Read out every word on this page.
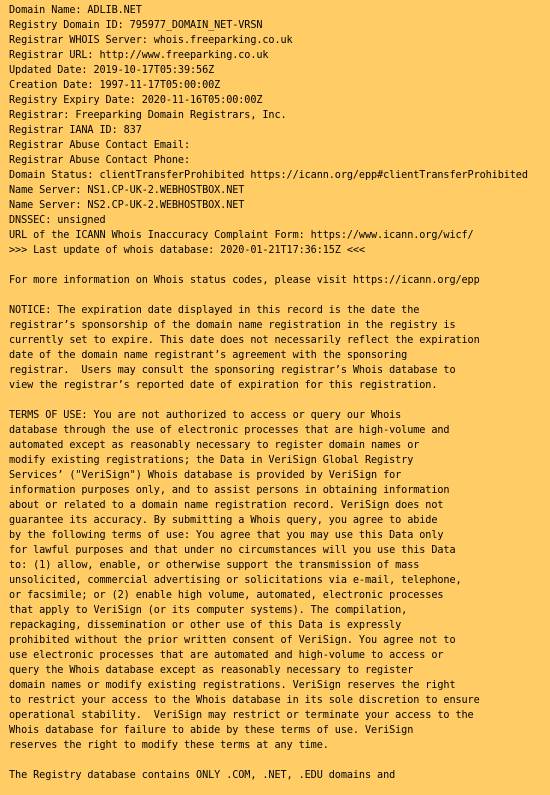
Domain Name: ADLIB.NET
Registry Domain ID: 795977_DOMAIN_NET-VRSN
Registrar WHOIS Server: whois.freeparking.co.uk
Registrar URL: http://www.freeparking.co.uk
Updated Date: 2019-10-17T05:39:56Z
Creation Date: 1997-11-17T05:00:00Z
Registry Expiry Date: 2020-11-16T05:00:00Z
Registrar: Freeparking Domain Registrars, Inc.
Registrar IANA ID: 837
Registrar Abuse Contact Email:
Registrar Abuse Contact Phone:
Domain Status: clientTransferProhibited https://icann.org/epp#clientTransferProhibited
Name Server: NS1.CP-UK-2.WEBHOSTBOX.NET
Name Server: NS2.CP-UK-2.WEBHOSTBOX.NET
DNSSEC: unsigned
URL of the ICANN Whois Inaccuracy Complaint Form: https://www.icann.org/wicf/
>>> Last update of whois database: 2020-01-21T17:36:15Z <<<
For more information on Whois status codes, please visit https://icann.org/epp
NOTICE: The expiration date displayed in this record is the date the
registrar’s sponsorship of the domain name registration in the registry is
currently set to expire. This date does not necessarily reflect the expiration
date of the domain name registrant’s agreement with the sponsoring
registrar.  Users may consult the sponsoring registrar’s Whois database to
view the registrar’s reported date of expiration for this registration.
TERMS OF USE: You are not authorized to access or query our Whois
database through the use of electronic processes that are high-volume and
automated except as reasonably necessary to register domain names or
modify existing registrations; the Data in VeriSign Global Registry
Services’ ("VeriSign") Whois database is provided by VeriSign for
information purposes only, and to assist persons in obtaining information
about or related to a domain name registration record. VeriSign does not
guarantee its accuracy. By submitting a Whois query, you agree to abide
by the following terms of use: You agree that you may use this Data only
for lawful purposes and that under no circumstances will you use this Data
to: (1) allow, enable, or otherwise support the transmission of mass
unsolicited, commercial advertising or solicitations via e-mail, telephone,
or facsimile; or (2) enable high volume, automated, electronic processes
that apply to VeriSign (or its computer systems). The compilation,
repackaging, dissemination or other use of this Data is expressly
prohibited without the prior written consent of VeriSign. You agree not to
use electronic processes that are automated and high-volume to access or
query the Whois database except as reasonably necessary to register
domain names or modify existing registrations. VeriSign reserves the right
to restrict your access to the Whois database in its sole discretion to ensure
operational stability.  VeriSign may restrict or terminate your access to the
Whois database for failure to abide by these terms of use. VeriSign
reserves the right to modify these terms at any time.
The Registry database contains ONLY .COM, .NET, .EDU domains and
